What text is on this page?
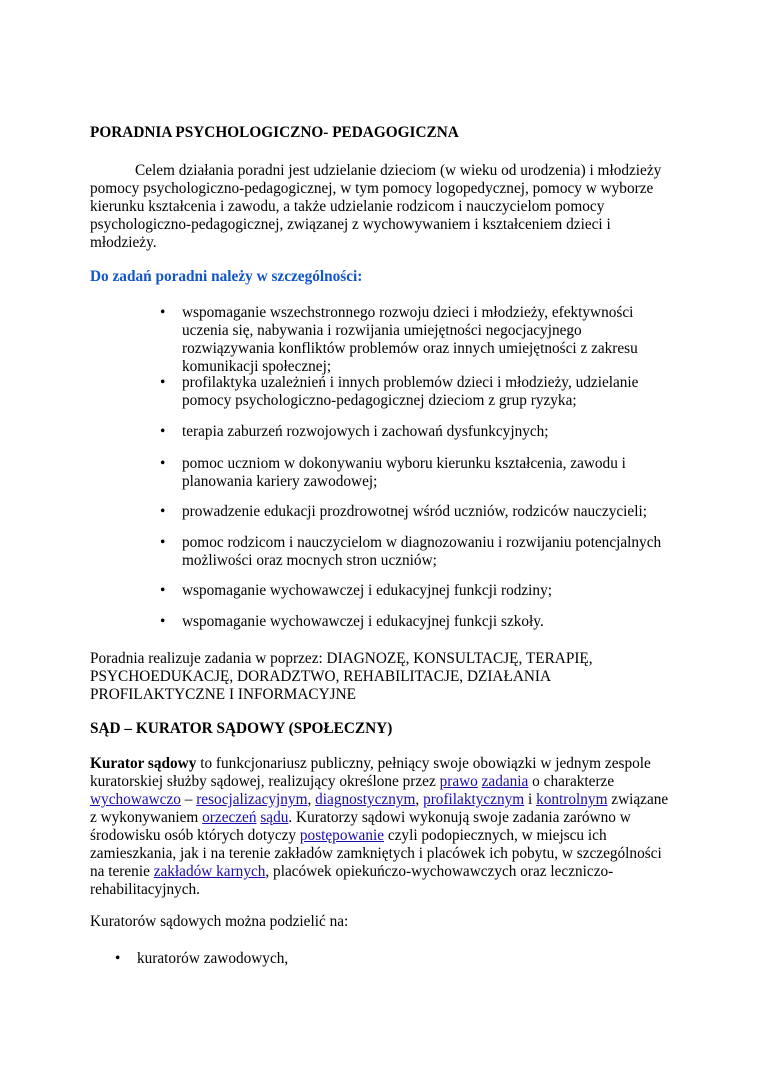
PORADNIA PSYCHOLOGICZNO- PEDAGOGICZNA
Celem działania poradni jest udzielanie dzieciom (w wieku od urodzenia) i młodzieży pomocy psychologiczno-pedagogicznej, w tym pomocy logopedycznej, pomocy w wyborze kierunku kształcenia i zawodu, a także udzielanie rodzicom i nauczycielom pomocy psychologiczno-pedagogicznej, związanej z wychowywaniem i kształceniem dzieci i młodzieży.
Do zadań poradni należy w szczególności:
• wspomaganie wszechstronnego rozwoju dzieci i młodzieży, efektywności uczenia się, nabywania i rozwijania umiejętności negocjacyjnego rozwiązywania konfliktów problemów oraz innych umiejętności z zakresu komunikacji społecznej;
• profilaktyka uzależnień i innych problemów dzieci i młodzieży, udzielanie pomocy psychologiczno-pedagogicznej dzieciom z grup ryzyka;
• terapia zaburzeń rozwojowych i zachowań dysfunkcyjnych;
• pomoc uczniom w dokonywaniu wyboru kierunku kształcenia, zawodu i planowania kariery zawodowej;
• prowadzenie edukacji prozdrowotnej wśród uczniów, rodziców nauczycieli;
• pomoc rodzicom i nauczycielom w diagnozowaniu i rozwijaniu potencjalnych możliwości oraz mocnych stron uczniów;
• wspomaganie wychowawczej i edukacyjnej funkcji rodziny;
• wspomaganie wychowawczej i edukacyjnej funkcji szkoły.
Poradnia realizuje zadania w poprzez: DIAGNOZĘ, KONSULTACJĘ, TERAPIĘ, PSYCHOEDUKACJĘ, DORADZTWO, REHABILITACJE, DZIAŁANIA PROFILAKTYCZNE I INFORMACYJNE
SĄD – KURATOR SĄDOWY (SPOŁECZNY)
Kurator sądowy to funkcjonariusz publiczny, pełniący swoje obowiązki w jednym zespole kuratorskiej służby sądowej, realizujący określone przez prawo zadania o charakterze wychowawczo – resocjalizacyjnym, diagnostycznym, profilaktycznym i kontrolnym związane z wykonywaniem orzeczeń sądu. Kuratorzy sądowi wykonują swoje zadania zarówno w środowisku osób których dotyczy postępowanie czyli podopiecznych, w miejscu ich zamieszkania, jak i na terenie zakładów zamkniętych i placówek ich pobytu, w szczególności na terenie zakładów karnych, placówek opiekuńczo-wychowawczych oraz leczniczo-rehabilitacyjnych.
Kuratorów sądowych można podzielić na:
• kuratorów zawodowych,
